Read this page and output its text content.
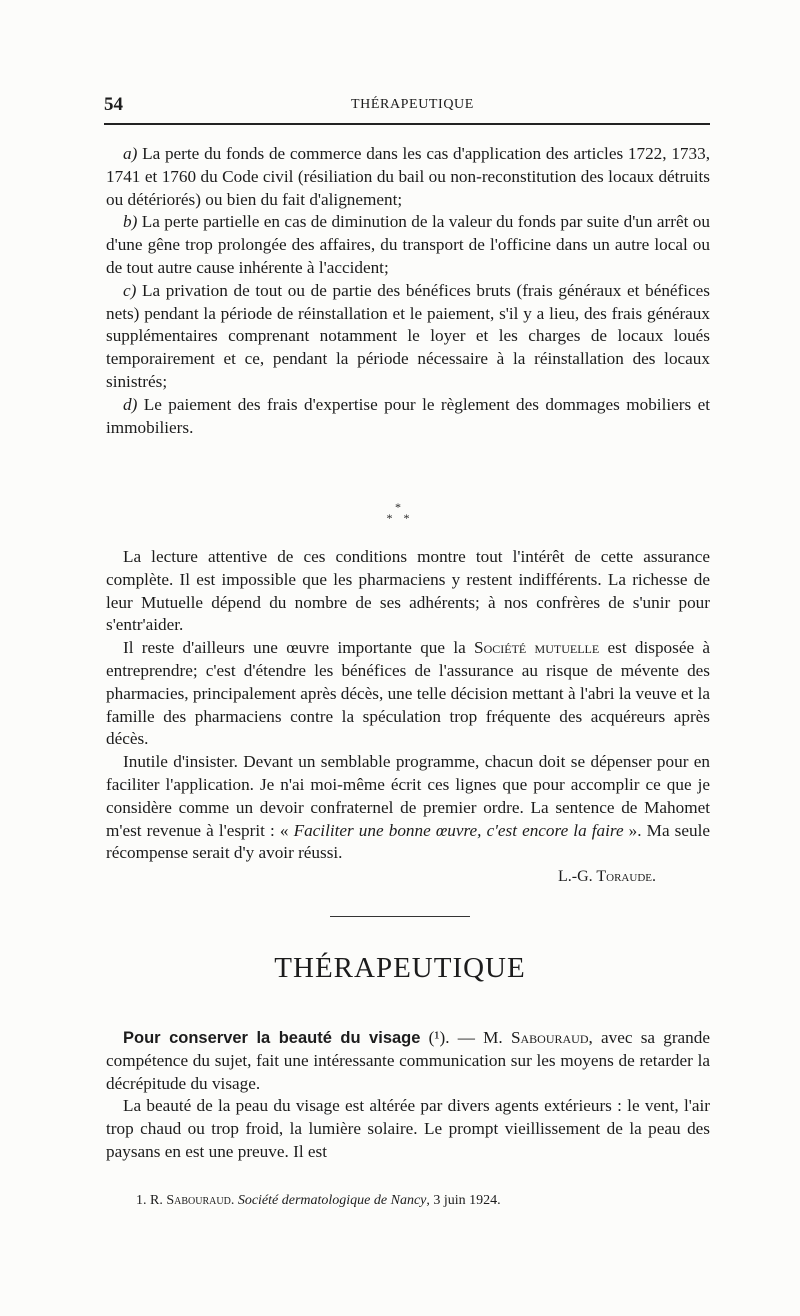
54	THÉRAPEUTIQUE

a) La perte du fonds de commerce dans les cas d'application des articles 1722, 1733, 1741 et 1760 du Code civil (résiliation du bail ou non-reconstitution des locaux détruits ou détériorés) ou bien du fait d'alignement;

b) La perte partielle en cas de diminution de la valeur du fonds par suite d'un arrêt ou d'une gêne trop prolongée des affaires, du transport de l'officine dans un autre local ou de tout autre cause inhérente à l'accident;

c) La privation de tout ou de partie des bénéfices bruts (frais généraux et bénéfices nets) pendant la période de réinstallation et le paiement, s'il y a lieu, des frais généraux supplémentaires comprenant notamment le loyer et les charges de locaux loués temporairement et ce, pendant la période nécessaire à la réinstallation des locaux sinistrés;

d) Le paiement des frais d'expertise pour le règlement des dommages mobiliers et immobiliers.

*
* *

La lecture attentive de ces conditions montre tout l'intérêt de cette assurance complète. Il est impossible que les pharmaciens y restent indifférents. La richesse de leur Mutuelle dépend du nombre de ses adhérents; à nos confrères de s'unir pour s'entr'aider.

Il reste d'ailleurs une œuvre importante que la Société mutuelle est disposée à entreprendre; c'est d'étendre les bénéfices de l'assurance au risque de mévente des pharmacies, principalement après décès, une telle décision mettant à l'abri la veuve et la famille des pharmaciens contre la spéculation trop fréquente des acquéreurs après décès.

Inutile d'insister. Devant un semblable programme, chacun doit se dépenser pour en faciliter l'application. Je n'ai moi-même écrit ces lignes que pour accomplir ce que je considère comme un devoir confraternel de premier ordre. La sentence de Mahomet m'est revenue à l'esprit : « Faciliter une bonne œuvre, c'est encore la faire ». Ma seule récompense serait d'y avoir réussi.

L.-G. Toraude.
THÉRAPEUTIQUE

Pour conserver la beauté du visage (¹). — M. Sabouraud, avec sa grande compétence du sujet, fait une intéressante communication sur les moyens de retarder la décrépitude du visage.

La beauté de la peau du visage est altérée par divers agents extérieurs : le vent, l'air trop chaud ou trop froid, la lumière solaire. Le prompt vieillissement de la peau des paysans en est une preuve. Il est

1. R. Sabouraud. Société dermatologique de Nancy, 3 juin 1924.
